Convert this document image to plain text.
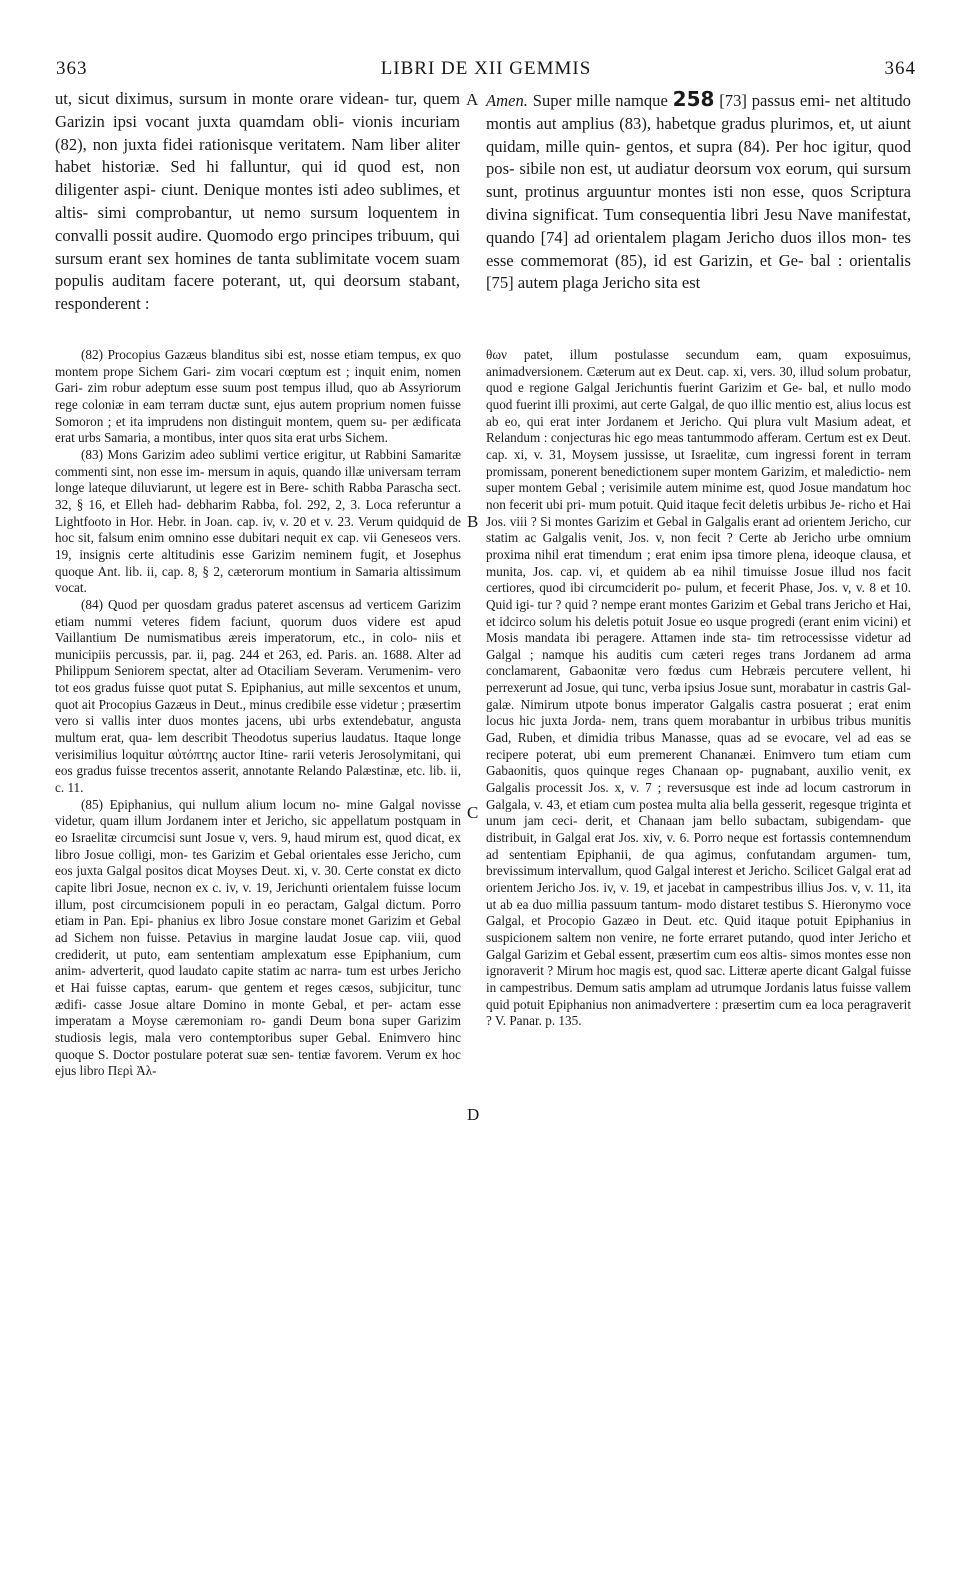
363	LIBRI DE XII GEMMIS	364

ut, sicut diximus, sursum in monte orare videan- tur, quem Garizin ipsi vocant juxta quamdam obli- vionis incuriam (82), non juxta fidei rationisque veritatem. Nam liber aliter habet historiæ. Sed hi falluntur, qui id quod est, non diligenter aspi- ciunt. Denique montes isti adeo sublimes, et altis- simi comprobantur, ut nemo sursum loquentem in convalli possit audire. Quomodo ergo principes tribuum, qui sursum erant sex homines de tanta sublimitate vocem suam populis auditam facere poterant, ut, qui deorsum stabant, responderent :

A Amen. Super mille namque 258 [73] passus emi- net altitudo montis aut amplius (83), habetque gradus plurimos, et, ut aiunt quidam, mille quin- gentos, et supra (84). Per hoc igitur, quod pos- sibile non est, ut audiatur deorsum vox eorum, qui sursum sunt, protinus arguuntur montes isti non esse, quos Scriptura divina significat. Tum consequentia libri Jesu Nave manifestat, quando [74] ad orientalem plagam Jericho duos illos mon- tes esse commemorat (85), id est Garizin, et Ge- bal : orientalis [75] autem plaga Jericho sita est

(82) Procopius Gazæus blanditus sibi est, nosse etiam tempus, ex quo montem prope Sichem Gari- zim vocari cœptum est ; inquit enim, nomen Gari- zim robur adeptum esse suum post tempus illud, quo ab Assyriorum rege coloniæ in eam terram ductæ sunt, ejus autem proprium nomen fuisse Somoron ; et ita imprudens non distinguit montem, quem su- per ædificata erat urbs Samaria, a montibus, inter quos sita erat urbs Sichem.

(83) Mons Garizim adeo sublimi vertice erigitur, ut Rabbini Samaritæ commenti sint, non esse im- mersum in aquis, quando illæ universam terram longe lateque diluviarunt, ut legere est in Bere- schith Rabba Parascha sect. 32, § 16, et Elleh had- debharim Rabba, fol. 292, 2, 3. Loca referuntur a Lightfooto in Hor. Hebr. in Joan. cap. iv, v. 20 et v. 23. Verum quidquid de hoc sit, falsum enim omnino esse dubitari nequit ex cap. vii Geneseos vers. 19, insignis certe altitudinis esse Garizim neminem fugit, et Josephus quoque Ant. lib. ii, cap. 8, § 2, cæterorum montium in Samaria altissimum vocat.

(84) Quod per quosdam gradus pateret ascensus ad verticem Garizim etiam nummi veteres fidem faciunt, quorum duos videre est apud Vaillantium De numismatibus æreis imperatorum, etc., in colo- niis et municipiis percussis, par. ii, pag. 244 et 263, ed. Paris. an. 1688. Alter ad Philippum Seniorem spectat, alter ad Otaciliam Severam. Verumenim- vero tot eos gradus fuisse quot putat S. Epiphanius, aut mille sexcentos et unum, quot ait Procopius Gazæus in Deut., minus credibile esse videtur ; præsertim vero si vallis inter duos montes jacens, ubi urbs extendebatur, angusta multum erat, qua- lem describit Theodotus superius laudatus. Itaque longe verisimilius loquitur αὐτόπτης auctor Itine- rarii veteris Jerosolymitani, qui eos gradus fuisse trecentos asserit, annotante Relando Palæstinæ, etc. lib. ii, c. 11.

(85) Epiphanius, qui nullum alium locum no- mine Galgal novisse videtur, quam illum Jordanem inter et Jericho, sic appellatum postquam in eo Israelitæ circumcisi sunt Josue v, vers. 9, haud mirum est, quod dicat, ex libro Josue colligi, mon- tes Garizim et Gebal orientales esse Jericho, cum eos juxta Galgal positos dicat Moyses Deut. xi, v. 30. Certe constat ex dicto capite libri Josue, necnon ex c. iv, v. 19, Jerichunti orientalem fuisse locum illum, post circumcisionem populi in eo peractam, Galgal dictum. Porro etiam in Pan. Epi- phanius ex libro Josue constare monet Garizim et Gebal ad Sichem non fuisse. Petavius in margine laudat Josue cap. viii, quod crediderit, ut puto, eam sententiam amplexatum esse Epiphanium, cum anim- adverterit, quod laudato capite statim ac narra- tum est urbes Jericho et Hai fuisse captas, earum- que gentem et reges cæsos, subjicitur, tunc ædifi- casse Josue altare Domino in monte Gebal, et per- actam esse imperatam a Moyse cæremoniam ro- gandi Deum bona super Garizim studiosis legis, mala vero contemptoribus super Gebal. Enimvero hinc quoque S. Doctor postulare poterat suæ sen- tentiæ favorem. Verum ex hoc ejus libro Περὶ Ἀλ-

B
C
D

θων patet, illum postulasse secundum eam, quam exposuimus, animadversionem. Cæterum aut ex Deut. cap. xi, vers. 30, illud solum probatur, quod e regione Galgal Jerichuntis fuerint Garizim et Ge- bal, et nullo modo quod fuerint illi proximi, aut certe Galgal, de quo illic mentio est, alius locus est ab eo, qui erat inter Jordanem et Jericho. Qui plura vult Masium adeat, et Relandum : conjecturas hic ego meas tantummodo afferam. Certum est ex Deut. cap. xi, v. 31, Moysem jussisse, ut Israelitæ, cum ingressi forent in terram promissam, ponerent benedictionem super montem Garizim, et maledictio- nem super montem Gebal ; verisimile autem minime est, quod Josue mandatum hoc non fecerit ubi pri- mum potuit. Quid itaque fecit deletis urbibus Je- richo et Hai Jos. viii ? Si montes Garizim et Gebal in Galgalis erant ad orientem Jericho, cur statim ac Galgalis venit, Jos. v, non fecit ? Certe ab Jericho urbe omnium proxima nihil erat timendum ; erat enim ipsa timore plena, ideoque clausa, et munita, Jos. cap. vi, et quidem ab ea nihil timuisse Josue illud nos facit certiores, quod ibi circumciderit po- pulum, et fecerit Phase, Jos. v, v. 8 et 10. Quid igi- tur ? quid ? nempe erant montes Garizim et Gebal trans Jericho et Hai, et idcirco solum his deletis potuit Josue eo usque progredi (erant enim vicini) et Mosis mandata ibi peragere. Attamen inde sta- tim retrocessisse videtur ad Galgal ; namque his auditis cum cæteri reges trans Jordanem ad arma conclamarent, Gabaonitæ vero fœdus cum Hebræis percutere vellent, hi perrexerunt ad Josue, qui tunc, verba ipsius Josue sunt, morabatur in castris Gal- galæ. Nimirum utpote bonus imperator Galgalis castra posuerat ; erat enim locus hic juxta Jorda- nem, trans quem morabantur in urbibus tribus munitis Gad, Ruben, et dimidia tribus Manasse, quas ad se evocare, vel ad eas se recipere poterat, ubi eum premerent Chananæi. Enimvero tum etiam cum Gabaonitis, quos quinque reges Chanaan op- pugnabant, auxilio venit, ex Galgalis processit Jos. x, v. 7 ; reversusque est inde ad locum castrorum in Galgala, v. 43, et etiam cum postea multa alia bella gesserit, regesque triginta et unum jam ceci- derit, et Chanaan jam bello subactam, subigendam- que distribuit, in Galgal erat Jos. xiv, v. 6. Porro neque est fortassis contemnendum ad sententiam Epiphanii, de qua agimus, confutandam argumen- tum, brevissimum intervallum, quod Galgal interest et Jericho. Scilicet Galgal erat ad orientem Jericho Jos. iv, v. 19, et jacebat in campestribus illius Jos. v, v. 11, ita ut ab ea duo millia passuum tantum- modo distaret testibus S. Hieronymo voce Galgal, et Procopio Gazæo in Deut. etc. Quid itaque potuit Epiphanius in suspicionem saltem non venire, ne forte erraret putando, quod inter Jericho et Galgal Garizim et Gebal essent, præsertim cum eos altis- simos montes esse non ignoraverit ? Mirum hoc magis est, quod sac. Litteræ aperte dicant Galgal fuisse in campestribus. Demum satis amplam ad utrumque Jordanis latus fuisse vallem quid potuit Epiphanius non animadvertere : præsertim cum ea loca peragraverit ? V. Panar. p. 135.
